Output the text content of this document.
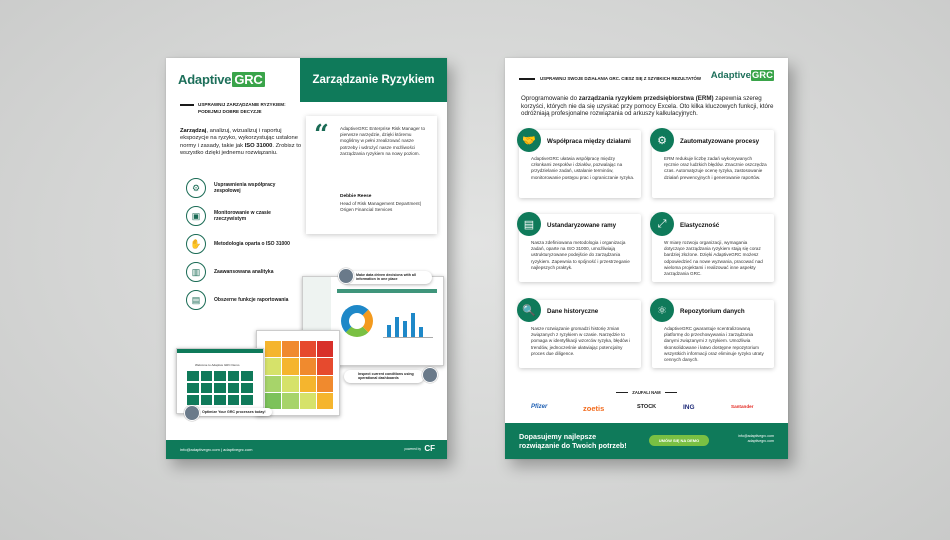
Adaptive GRC	Zarządzanie Ryzykiem
USPRAWNIJ ZARZĄDZANIE RYZYKIEM:
PODEJMIJ DOBRE DECYZJE
Zarządzaj, analizuj, wizualizuj i raportuj ekspozycje na ryzyko, wykorzystując ustalone normy i zasady, takie jak ISO 31000. Zrobisz to wszystko dzięki jednemu rozwiązaniu.
⚙	Usprawnienia współpracy zespołowej
▣	Monitorowanie w czasie rzeczywistym
✋	Metodologia oparta o ISO 31000
▥	Zaawansowana analityka
▤	Obszerne funkcje raportowania
“ AdaptiveGRC Enterprise Risk Manager to pierwsze narzędzie, dzięki któremu mogliśmy w pełni zrealizować nasze potrzeby i wdrożyć nasze możliwości zarządzania ryzykiem na nowy poziom.
Debbie Reese
Head of Risk Management Department| Origen Financial Services
Welcome to Adaptive GRC Demo
Make data driven decisions with all information in one place
Inspect current conditions using operational dashboards
Optimize Your GRC processes today!
info@adaptivegrc.com | adaptivegrc.com	powered by CF
USPRAWNIJ SWOJE DZIAŁANIA GRC. CIESZ SIĘ Z SZYBKICH REZULTATÓW AdaptiveGRC
Oprogramowanie do zarządzania ryzykiem przedsiębiorstwa (ERM) zapewnia szereg korzyści, których nie da się uzyskać przy pomocy Excela. Oto kilka kluczowych funkcji, które odróżniają profesjonalne rozwiązania od arkuszy kalkulacyjnych.
🤝	Współpraca między działami
AdaptiveGRC ułatwia współpracę między członkami zespołów i działów, pozwalając na przydzielanie zadań, ustalanie terminów, monitorowanie postępu prac i ograniczanie ryzyka.
⚙	Zautomatyzowane procesy
ERM redukuje liczbę zadań wykonywanych ręcznie oraz ludzkich błędów. Znacznie oszczędza czas. Automatyzuje ocenę ryzyka, zastosowanie działań prewencyjnych i generowanie raportów.
▤	Ustandaryzowane ramy
Nasza zdefiniowana metodologia i organizacja zadań, oparte na ISO 31000, umożliwiają ustrukturyzowane podejście do zarządzania ryzykiem. Zapewnia to spójność i przestrzeganie najlepszych praktyk.
⤢	Elastyczność
W miarę rozwoju organizacji, wymagania dotyczące zarządzania ryzykiem stają się coraz bardziej złożone. Dzięki AdaptiveGRC możesz odpowiedzieć na nowe wyzwania, pracować nad wieloma projektami i realizować inne aspekty zarządzania GRC.
🔍	Dane historyczne
Nasze rozwiązanie gromadzi historię zmian związanych z ryzykiem w czasie. Narzędzie to pomaga w identyfikacji wzorców ryzyka, błędów i trendów, jednocześnie ułatwiając potencjalny proces due diligence.
⚛	Repozytorium danych
AdaptiveGRC gwarantuje scentralizowaną platformę do przechowywania i zarządzania danymi związanymi z ryzykiem. Umożliwia skonsolidowane i łatwo dostępne repozytorium wszystkich informacji oraz eliminuje ryzyko utraty cennych danych.
ZAUFALI NAM
Pfizer	zoetis	STOCK	ING	Santander
Dopasujemy najlepsze
rozwiązanie do Twoich potrzeb!
UMÓW SIĘ NA DEMO
info@adaptivegrc.com
adaptivegrc.com
